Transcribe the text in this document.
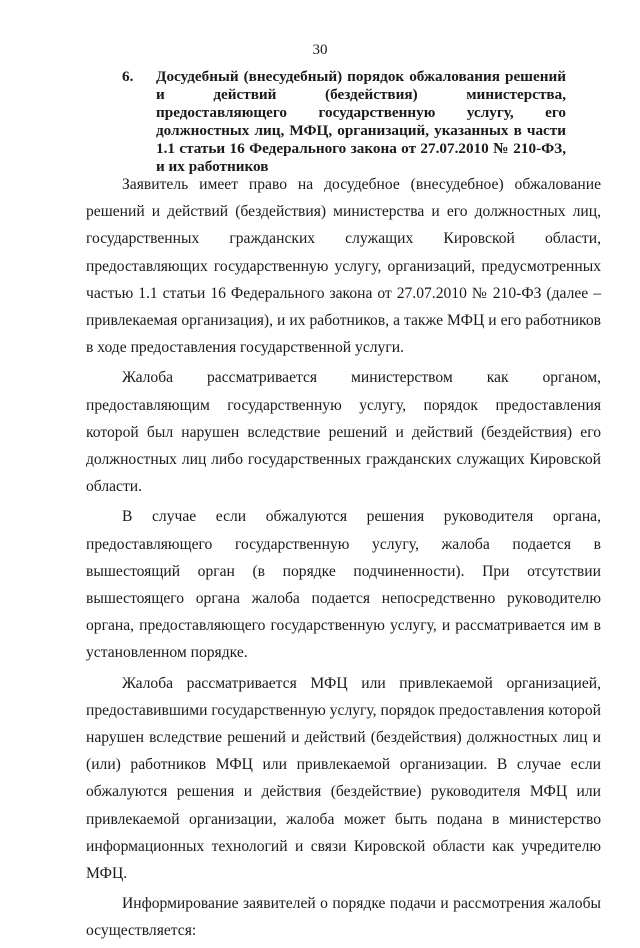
30
6. Досудебный (внесудебный) порядок обжалования решений и действий (бездействия) министерства, предоставляющего государственную услугу, его должностных лиц, МФЦ, организаций, указанных в части 1.1 статьи 16 Федерального закона от 27.07.2010 № 210-ФЗ, и их работников

Заявитель имеет право на досудебное (внесудебное) обжалование решений и действий (бездействия) министерства и его должностных лиц, государственных гражданских служащих Кировской области, предоставляющих государственную услугу, организаций, предусмотренных частью 1.1 статьи 16 Федерального закона от 27.07.2010 № 210-ФЗ (далее – привлекаемая организация), и их работников, а также МФЦ и его работников в ходе предоставления государственной услуги.

Жалоба рассматривается министерством как органом, предоставляющим государственную услугу, порядок предоставления которой был нарушен вследствие решений и действий (бездействия) его должностных лиц либо государственных гражданских служащих Кировской области.

В случае если обжалуются решения руководителя органа, предоставляющего государственную услугу, жалоба подается в вышестоящий орган (в порядке подчиненности). При отсутствии вышестоящего органа жалоба подается непосредственно руководителю органа, предоставляющего государственную услугу, и рассматривается им в установленном порядке.

Жалоба рассматривается МФЦ или привлекаемой организацией, предоставившими государственную услугу, порядок предоставления которой нарушен вследствие решений и действий (бездействия) должностных лиц и (или) работников МФЦ или привлекаемой организации. В случае если обжалуются решения и действия (бездействие) руководителя МФЦ или привлекаемой организации, жалоба может быть подана в министерство информационных технологий и связи Кировской области как учредителю МФЦ.

Информирование заявителей о порядке подачи и рассмотрения жалобы осуществляется:
